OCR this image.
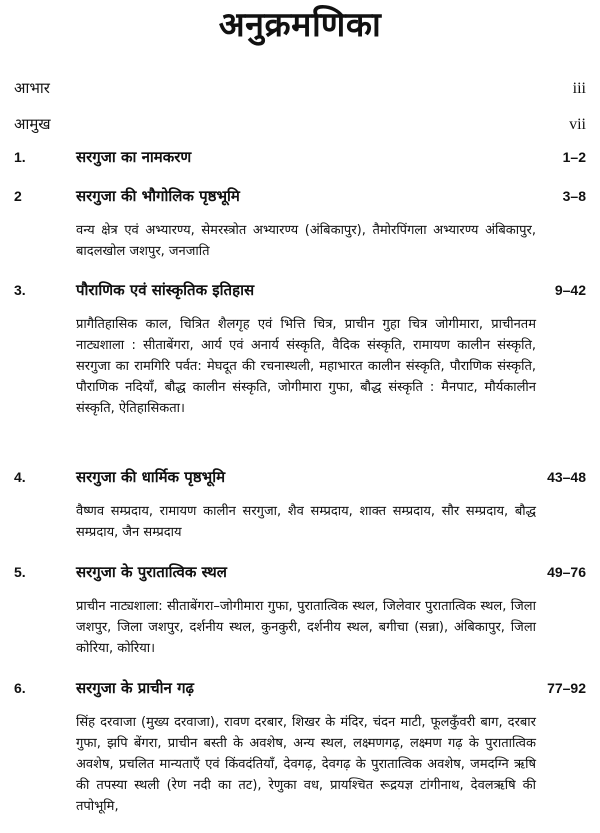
अनुक्रमणिका
आभार	iii
आमुख	vii
1.	सरगुजा का नामकरण	1–2
2	सरगुजा की भौगोलिक पृष्ठभूमि	3–8
वन्य क्षेत्र एवं अभ्यारण्य, सेमरस्त्रोत अभ्यारण्य (अंबिकापुर), तैमोरपिंगला अभ्यारण्य अंबिकापुर, बादलखोल जशपुर, जनजाति
3.	पौराणिक एवं सांस्कृतिक इतिहास	9–42
प्रागैतिहासिक काल, चित्रित शैलगृह एवं भित्ति चित्र, प्राचीन गुहा चित्र जोगीमारा, प्राचीनतम नाट्यशाला : सीताबेंगरा, आर्य एवं अनार्य संस्कृति, वैदिक संस्कृति, रामायण कालीन संस्कृति, सरगुजा का रामगिरि पर्वत: मेघदूत की रचनास्थली, महाभारत कालीन संस्कृति, पौराणिक संस्कृति, पौराणिक नदियाँ, बौद्ध कालीन संस्कृति, जोगीमारा गुफा, बौद्ध संस्कृति : मैनपाट, मौर्यकालीन संस्कृति, ऐतिहासिकता।
4.	सरगुजा की धार्मिक पृष्ठभूमि	43–48
वैष्णव सम्प्रदाय, रामायण कालीन सरगुजा, शैव सम्प्रदाय, शाक्त सम्प्रदाय, सौर सम्प्रदाय, बौद्ध सम्प्रदाय, जैन सम्प्रदाय
5.	सरगुजा के पुरातात्विक स्थल	49–76
प्राचीन नाट्यशाला: सीताबेंगरा–जोगीमारा गुफा, पुरातात्विक स्थल, जिलेवार पुरातात्विक स्थल, जिला जशपुर, जिला जशपुर, दर्शनीय स्थल, कुनकुरी, दर्शनीय स्थल, बगीचा (सन्ना), अंबिकापुर, जिला कोरिया, कोरिया।
6.	सरगुजा के प्राचीन गढ़	77–92
सिंह दरवाजा (मुख्य दरवाजा), रावण दरबार, शिखर के मंदिर, चंदन माटी, फूलकुँवरी बाग, दरबार गुफा, झपि बेंगरा, प्राचीन बस्ती के अवशेष, अन्य स्थल, लक्ष्मणगढ़, लक्ष्मण गढ़ के पुरातात्विक अवशेष, प्रचलित मान्यताएँ एवं किंवदंतियाँ, देवगढ़, देवगढ़ के पुरातात्विक अवशेष, जमदग्नि ऋषि की तपस्या स्थली (रेण नदी का तट), रेणुका वध, प्रायश्चित रूद्रयज्ञ टांगीनाथ, देवलऋषि की तपोभूमि,
